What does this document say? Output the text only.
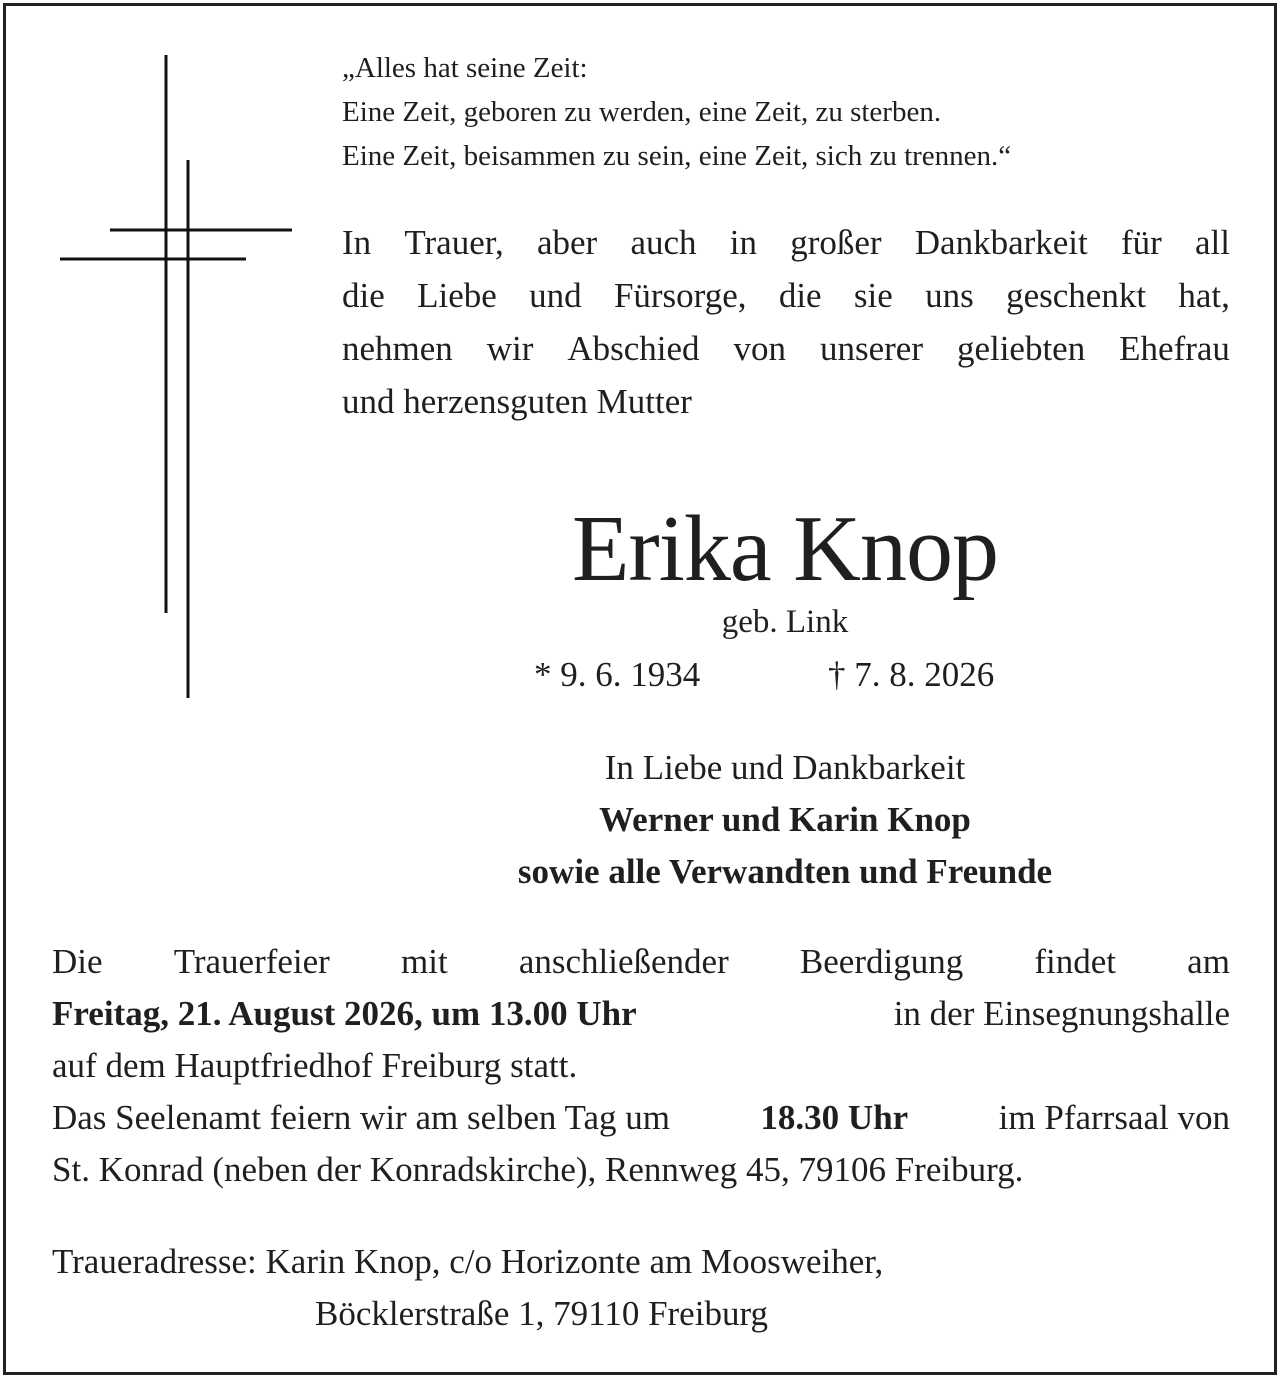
„Alles hat seine Zeit:
Eine Zeit, geboren zu werden, eine Zeit, zu sterben.
Eine Zeit, beisammen zu sein, eine Zeit, sich zu trennen.“
In Trauer, aber auch in großer Dankbarkeit für all
die Liebe und Fürsorge, die sie uns geschenkt hat,
nehmen wir Abschied von unserer geliebten Ehefrau
und herzensguten Mutter
Erika Knop
geb. Link
* 9. 6. 1934	† 7. 8. 2026
In Liebe und Dankbarkeit
Werner und Karin Knop
sowie alle Verwandten und Freunde
Die Trauerfeier mit anschließender Beerdigung findet am
Freitag, 21. August 2026, um 13.00 Uhr	in der Einsegnungshalle
auf dem Hauptfriedhof Freiburg statt.
Das Seelenamt feiern wir am selben Tag um	18.30 Uhr	im Pfarrsaal von
St. Konrad (neben der Konradskirche), Rennweg 45, 79106 Freiburg.
Traueradresse: Karin Knop, c/o Horizonte am Moosweiher,
Böcklerstraße 1, 79110 Freiburg
